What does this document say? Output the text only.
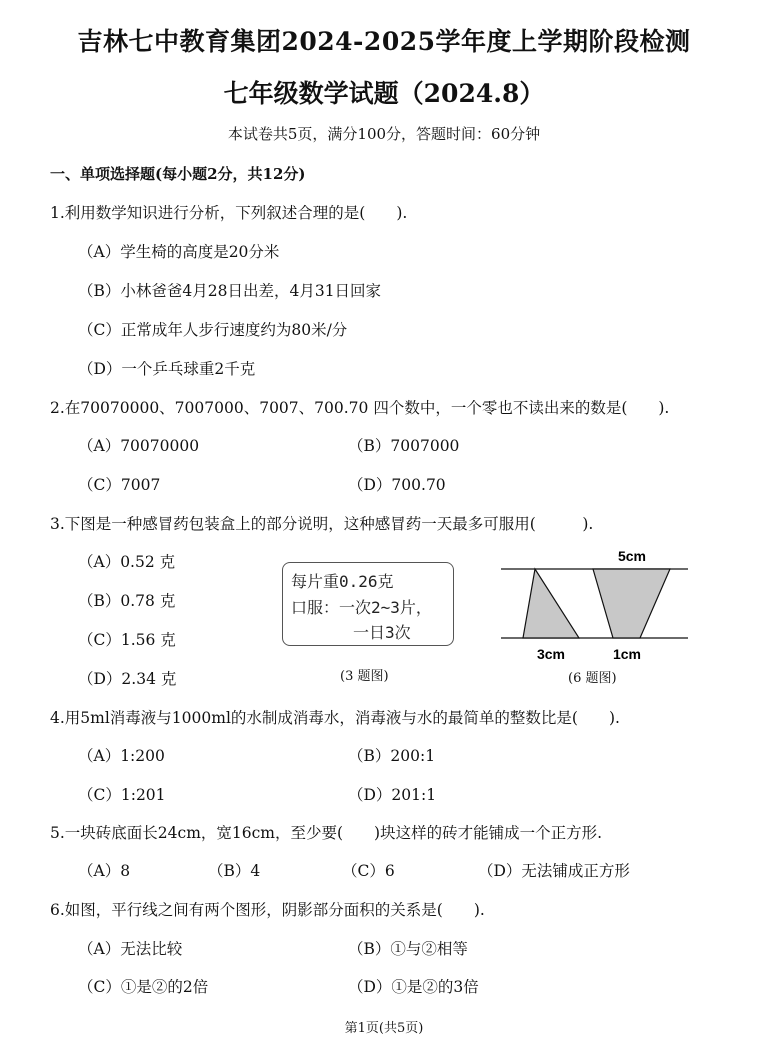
吉林七中教育集团2024-2025学年度上学期阶段检测
七年级数学试题（2024.8）
本试卷共5页，满分100分，答题时间：60分钟
一、单项选择题(每小题2分，共12分)
1.利用数学知识进行分析，下列叙述合理的是(　　).
（A）学生椅的高度是20分米
（B）小林爸爸4月28日出差，4月31日回家
（C）正常成年人步行速度约为80米/分
（D）一个乒乓球重2千克
2.在70070000、7007000、7007、700.70 四个数中，一个零也不读出来的数是(　　).
（A）70070000	（B）7007000
（C）7007	（D）700.70
3.下图是一种感冒药包装盒上的部分说明，这种感冒药一天最多可服用(　　　).
（A）0.52 克
（B）0.78 克
（C）1.56 克
（D）2.34 克
每片重0.26克
口服：一次2~3片，
一日3次
(3 题图)
5cm
3cm	1cm
(6 题图)
4.用5ml消毒液与1000ml的水制成消毒水，消毒液与水的最简单的整数比是(　　).
（A）1:200	（B）200:1
（C）1:201	（D）201:1
5.一块砖底面长24cm，宽16cm，至少要(　　)块这样的砖才能铺成一个正方形.
（A）8	（B）4	（C）6	（D）无法铺成正方形
6.如图，平行线之间有两个图形，阴影部分面积的关系是(　　).
（A）无法比较	（B）①与②相等
（C）①是②的2倍	（D）①是②的3倍
第1页(共5页)
